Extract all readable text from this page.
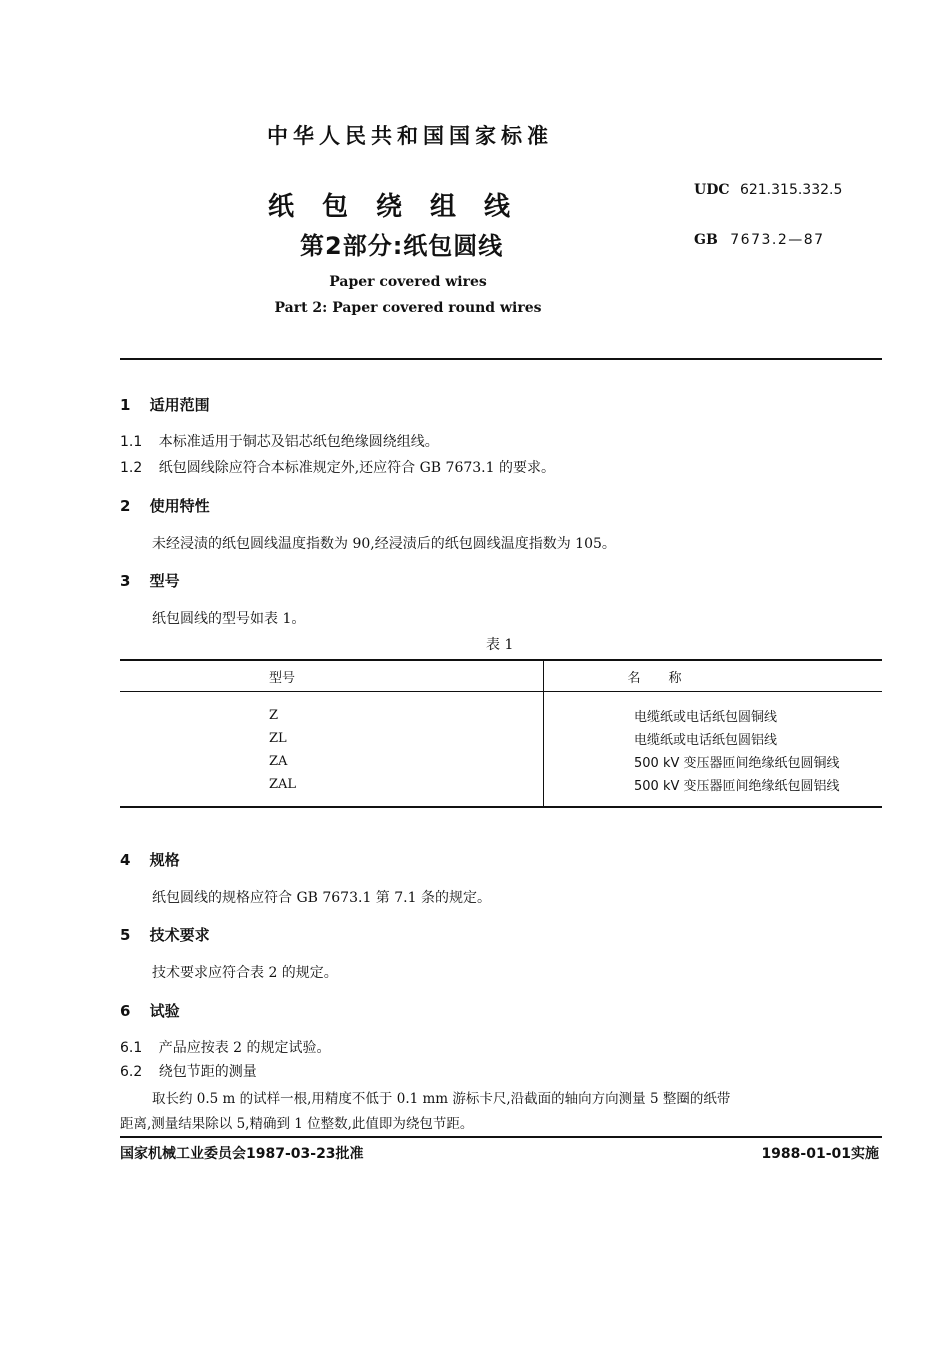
中华人民共和国国家标准
纸包绕组线
第2部分:纸包圆线
Paper covered wires
Part 2: Paper covered round wires
UDC 621.315.332.5
GB 7673.2—87
1 适用范围
1.1 本标准适用于铜芯及铝芯纸包绝缘圆绕组线。
1.2 纸包圆线除应符合本标准规定外,还应符合 GB 7673.1 的要求。
2 使用特性
未经浸渍的纸包圆线温度指数为 90,经浸渍后的纸包圆线温度指数为 105。
3 型号
纸包圆线的型号如表 1。
表 1
型号	名称
Z	电缆纸或电话纸包圆铜线
ZL	电缆纸或电话纸包圆铝线
ZA	500 kV 变压器匝间绝缘纸包圆铜线
ZAL	500 kV 变压器匝间绝缘纸包圆铝线
4 规格
纸包圆线的规格应符合 GB 7673.1 第 7.1 条的规定。
5 技术要求
技术要求应符合表 2 的规定。
6 试验
6.1 产品应按表 2 的规定试验。
6.2 绕包节距的测量
取长约 0.5 m 的试样一根,用精度不低于 0.1 mm 游标卡尺,沿截面的轴向方向测量 5 整圈的纸带
距离,测量结果除以 5,精确到 1 位整数,此值即为绕包节距。
国家机械工业委员会1987-03-23批准	1988-01-01实施
